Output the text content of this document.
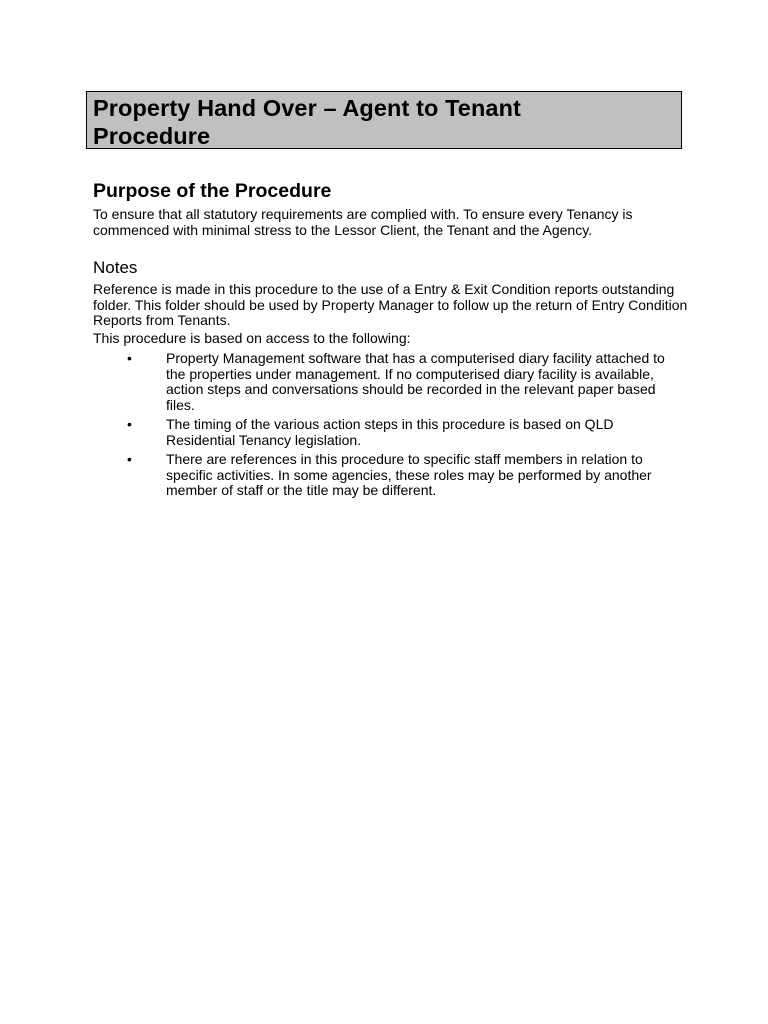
Property Hand Over – Agent to Tenant
Procedure

Purpose of the Procedure

To ensure that all statutory requirements are complied with. To ensure every Tenancy is commenced with minimal stress to the Lessor Client, the Tenant and the Agency.

Notes

Reference is made in this procedure to the use of a Entry & Exit Condition reports outstanding folder. This folder should be used by Property Manager to follow up the return of Entry Condition Reports from Tenants.

This procedure is based on access to the following:

• Property Management software that has a computerised diary facility attached to the properties under management. If no computerised diary facility is available, action steps and conversations should be recorded in the relevant paper based files.
• The timing of the various action steps in this procedure is based on QLD Residential Tenancy legislation.
• There are references in this procedure to specific staff members in relation to specific activities. In some agencies, these roles may be performed by another member of staff or the title may be different.
